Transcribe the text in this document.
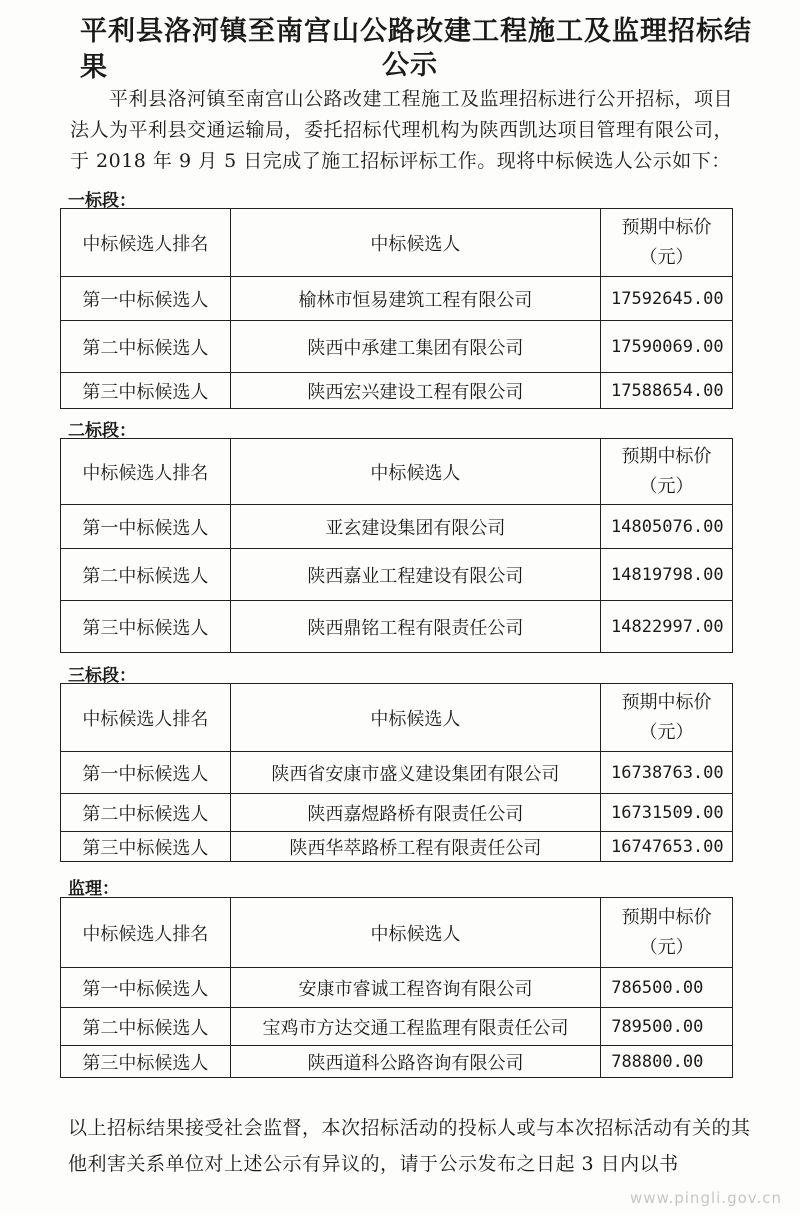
平利县洛河镇至南宫山公路改建工程施工及监理招标结果	公示

　　平利县洛河镇至南宫山公路改建工程施工及监理招标进行公开招标，项目法人为平利县交通运输局，委托招标代理机构为陕西凯达项目管理有限公司，于 2018 年 9 月 5 日完成了施工招标评标工作。现将中标候选人公示如下：

一标段：

中标候选人排名	中标候选人	预期中标价
（元）

第一中标候选人	榆林市恒易建筑工程有限公司	17592645.00
第二中标候选人	陕西中承建工集团有限公司	17590069.00
第三中标候选人	陕西宏兴建设工程有限公司	17588654.00

二标段：

中标候选人排名	中标候选人	预期中标价
（元）

第一中标候选人	亚玄建设集团有限公司	14805076.00
第二中标候选人	陕西嘉业工程建设有限公司	14819798.00
第三中标候选人	陕西鼎铭工程有限责任公司	14822997.00

三标段：

中标候选人排名	中标候选人	预期中标价
（元）

第一中标候选人	陕西省安康市盛义建设集团有限公司	16738763.00
第二中标候选人	陕西嘉煜路桥有限责任公司	16731509.00
第三中标候选人	陕西华萃路桥工程有限责任公司	16747653.00

监理：

中标候选人排名	中标候选人	预期中标价
（元）

第一中标候选人	安康市睿诚工程咨询有限公司	786500.00
第二中标候选人	宝鸡市方达交通工程监理有限责任公司	789500.00
第三中标候选人	陕西道科公路咨询有限公司	788800.00

以上招标结果接受社会监督，本次招标活动的投标人或与本次招标活动有关的其他利害关系单位对上述公示有异议的，请于公示发布之日起 3 日内以书

www.pingli.gov.cn
